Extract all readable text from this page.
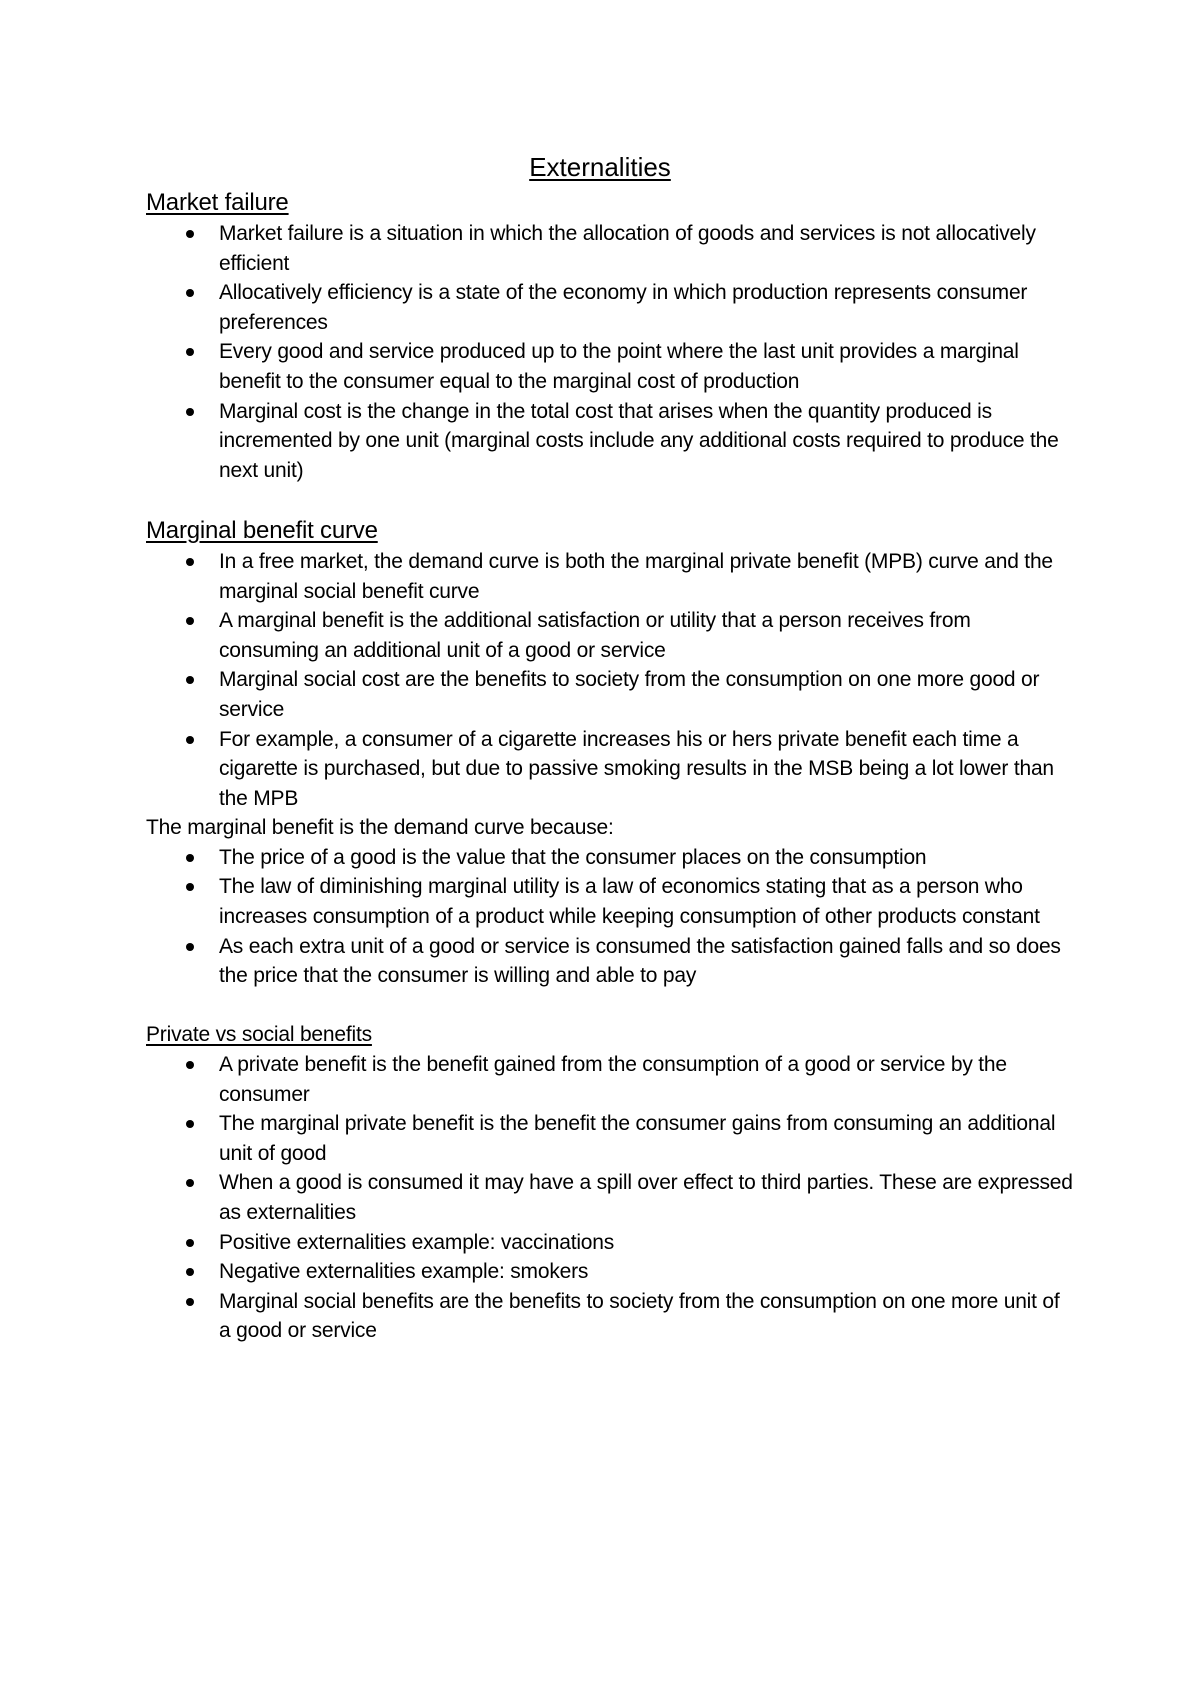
Externalities
Market failure
Market failure is a situation in which the allocation of goods and services is not allocatively efficient
Allocatively efficiency is a state of the economy in which production represents consumer preferences
Every good and service produced up to the point where the last unit provides a marginal benefit to the consumer equal to the marginal cost of production
Marginal cost is the change in the total cost that arises when the quantity produced is incremented by one unit (marginal costs include any additional costs required to produce the next unit)
Marginal benefit curve
In a free market, the demand curve is both the marginal private benefit (MPB) curve and the marginal social benefit curve
A marginal benefit is the additional satisfaction or utility that a person receives from consuming an additional unit of a good or service
Marginal social cost are the benefits to society from the consumption on one more good or service
For example, a consumer of a cigarette increases his or hers private benefit each time a cigarette is purchased, but due to passive smoking results in the MSB being a lot lower than the MPB

The marginal benefit is the demand curve because:

The price of a good is the value that the consumer places on the consumption
The law of diminishing marginal utility is a law of economics stating that as a person who increases consumption of a product while keeping consumption of other products constant
As each extra unit of a good or service is consumed the satisfaction gained falls and so does the price that the consumer is willing and able to pay
Private vs social benefits
A private benefit is the benefit gained from the consumption of a good or service by the consumer
The marginal private benefit is the benefit the consumer gains from consuming an additional unit of good
When a good is consumed it may have a spill over effect to third parties. These are expressed as externalities
Positive externalities example: vaccinations
Negative externalities example: smokers
Marginal social benefits are the benefits to society from the consumption on one more unit of a good or service
